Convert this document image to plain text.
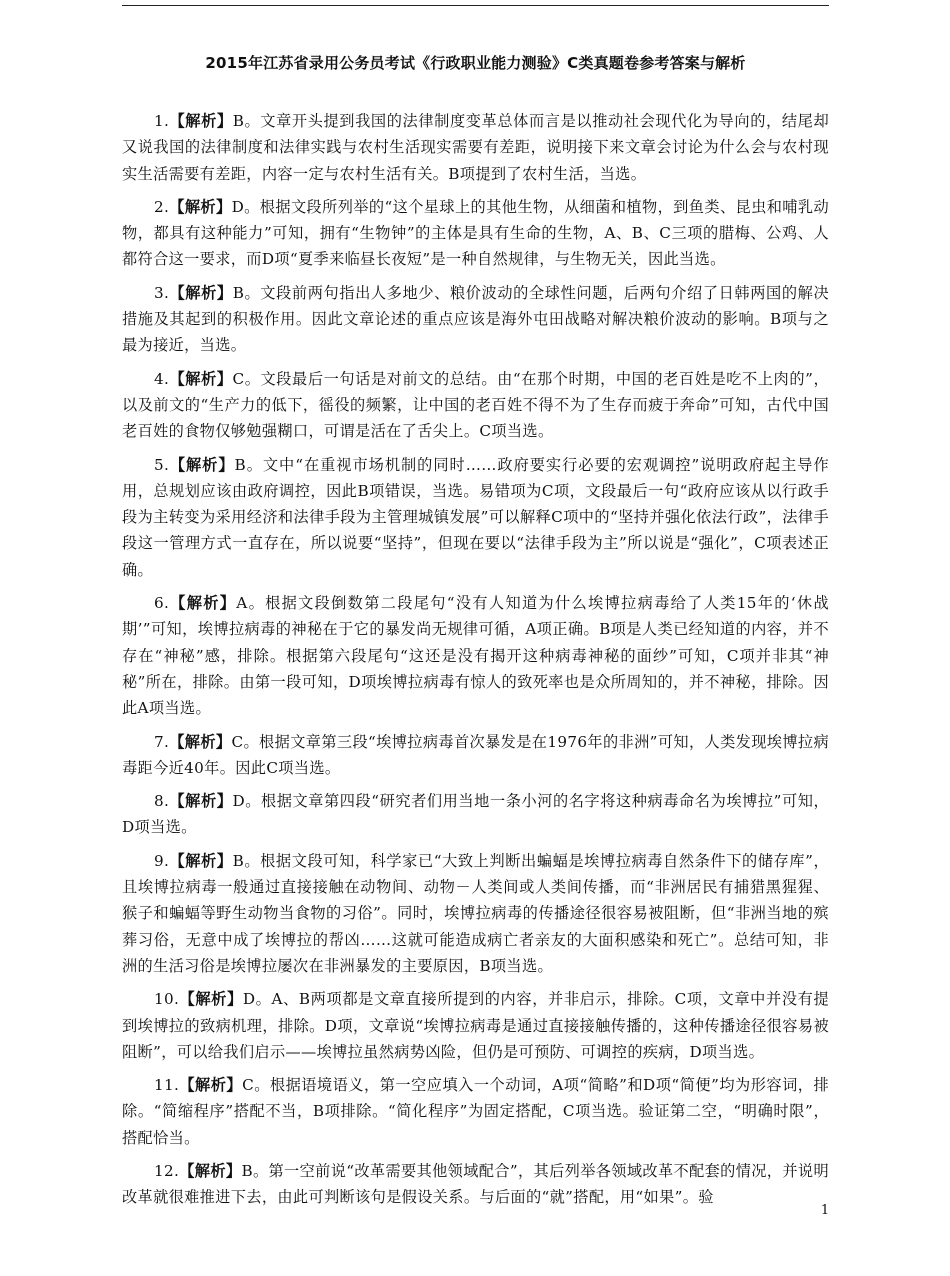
2015年江苏省录用公务员考试《行政职业能力测验》C类真题卷参考答案与解析

1.【解析】B。文章开头提到我国的法律制度变革总体而言是以推动社会现代化为导向的，结尾却又说我国的法律制度和法律实践与农村生活现实需要有差距，说明接下来文章会讨论为什么会与农村现实生活需要有差距，内容一定与农村生活有关。B项提到了农村生活，当选。

2.【解析】D。根据文段所列举的“这个星球上的其他生物，从细菌和植物，到鱼类、昆虫和哺乳动物，都具有这种能力”可知，拥有“生物钟”的主体是具有生命的生物，A、B、C三项的腊梅、公鸡、人都符合这一要求，而D项“夏季来临昼长夜短”是一种自然规律，与生物无关，因此当选。

3.【解析】B。文段前两句指出人多地少、粮价波动的全球性问题，后两句介绍了日韩两国的解决措施及其起到的积极作用。因此文章论述的重点应该是海外屯田战略对解决粮价波动的影响。B项与之最为接近，当选。

4.【解析】C。文段最后一句话是对前文的总结。由“在那个时期，中国的老百姓是吃不上肉的”，以及前文的“生产力的低下，徭役的频繁，让中国的老百姓不得不为了生存而疲于奔命”可知，古代中国老百姓的食物仅够勉强糊口，可谓是活在了舌尖上。C项当选。

5.【解析】B。文中“在重视市场机制的同时……政府要实行必要的宏观调控”说明政府起主导作用，总规划应该由政府调控，因此B项错误，当选。易错项为C项，文段最后一句“政府应该从以行政手段为主转变为采用经济和法律手段为主管理城镇发展”可以解释C项中的“坚持并强化依法行政”，法律手段这一管理方式一直存在，所以说要“坚持”，但现在要以“法律手段为主”所以说是“强化”，C项表述正确。

6.【解析】A。根据文段倒数第二段尾句“没有人知道为什么埃博拉病毒给了人类15年的‘休战期’”可知，埃博拉病毒的神秘在于它的暴发尚无规律可循，A项正确。B项是人类已经知道的内容，并不存在“神秘”感，排除。根据第六段尾句“这还是没有揭开这种病毒神秘的面纱”可知，C项并非其“神秘”所在，排除。由第一段可知，D项埃博拉病毒有惊人的致死率也是众所周知的，并不神秘，排除。因此A项当选。

7.【解析】C。根据文章第三段“埃博拉病毒首次暴发是在1976年的非洲”可知，人类发现埃博拉病毒距今近40年。因此C项当选。

8.【解析】D。根据文章第四段“研究者们用当地一条小河的名字将这种病毒命名为埃博拉”可知，D项当选。

9.【解析】B。根据文段可知，科学家已“大致上判断出蝙蝠是埃博拉病毒自然条件下的储存库”，且埃博拉病毒一般通过直接接触在动物间、动物－人类间或人类间传播，而“非洲居民有捕猎黑猩猩、猴子和蝙蝠等野生动物当食物的习俗”。同时，埃博拉病毒的传播途径很容易被阻断，但“非洲当地的殡葬习俗，无意中成了埃博拉的帮凶……这就可能造成病亡者亲友的大面积感染和死亡”。总结可知，非洲的生活习俗是埃博拉屡次在非洲暴发的主要原因，B项当选。

10.【解析】D。A、B两项都是文章直接所提到的内容，并非启示，排除。C项，文章中并没有提到埃博拉的致病机理，排除。D项，文章说“埃博拉病毒是通过直接接触传播的，这种传播途径很容易被阻断”，可以给我们启示——埃博拉虽然病势凶险，但仍是可预防、可调控的疾病，D项当选。

11.【解析】C。根据语境语义，第一空应填入一个动词，A项“简略”和D项“简便”均为形容词，排除。“简缩程序”搭配不当，B项排除。“简化程序”为固定搭配，C项当选。验证第二空，“明确时限”，搭配恰当。

12.【解析】B。第一空前说“改革需要其他领域配合”，其后列举各领域改革不配套的情况，并说明改革就很难推进下去，由此可判断该句是假设关系。与后面的“就”搭配，用“如果”。验

1
